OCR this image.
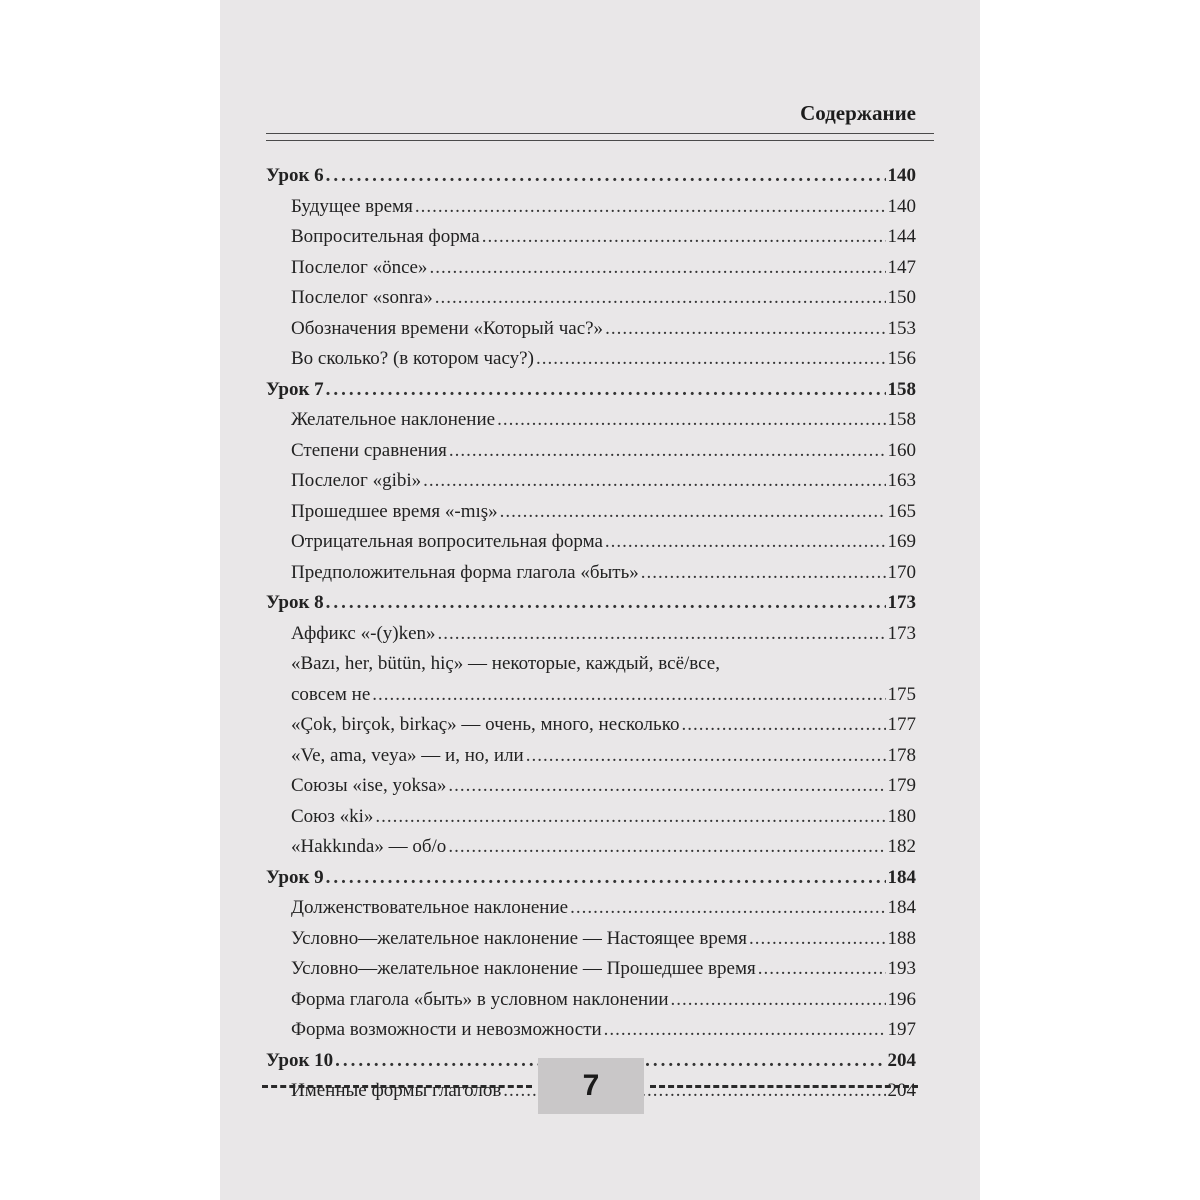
Содержание
Урок 6 .....	140
Будущее время .....	140
Вопросительная форма .....	144
Послелог «önce» .....	147
Послелог «sonra» .....	150
Обозначения времени «Который час?» .....	153
Во сколько? (в котором часу?) .....	156
Урок 7 .....	158
Желательное наклонение .....	158
Степени сравнения .....	160
Послелог «gibi» .....	163
Прошедшее время «-mış» .....	165
Отрицательная вопросительная форма .....	169
Предположительная форма глагола «быть» .....	170
Урок 8 .....	173
Аффикс «-(y)ken» .....	173
«Bazı, her, bütün, hiç» — некоторые, каждый, всё/все,
совсем не .....	175
«Çok, birçok, birkaç» — очень, много, несколько .....	177
«Ve, ama, veya» — и, но, или .....	178
Союзы «ise, yoksa» .....	179
Союз «ki» .....	180
«Hakkında» — об/о .....	182
Урок 9 .....	184
Долженствовательное наклонение .....	184
Условно—желательное наклонение — Настоящее время .....	188
Условно—желательное наклонение — Прошедшее время .....	193
Форма глагола «быть» в условном наклонении .....	196
Форма возможности и невозможности .....	197
Урок 10 .....	204
Именные формы глаголов .....	204
7
